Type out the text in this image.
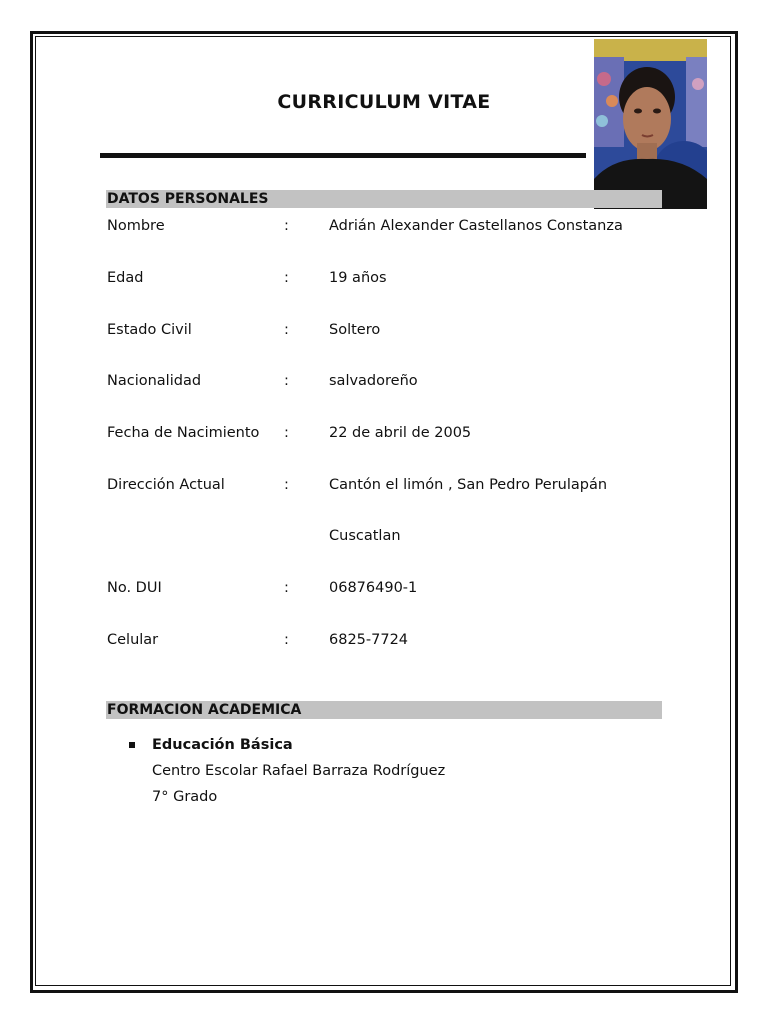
CURRICULUM VITAE
DATOS PERSONALES
Nombre	:	Adrián Alexander Castellanos Constanza
Edad	:	19 años
Estado Civil	:	Soltero
Nacionalidad	:	salvadoreño
Fecha de Nacimiento :	22 de abril de 2005
Dirección Actual	:	Cantón el limón , San Pedro Perulapán
Cuscatlan
No. DUI	:	06876490-1
Celular	:	6825-7724
FORMACION ACADEMICA
Educación Básica
Centro Escolar Rafael Barraza Rodríguez
7° Grado
